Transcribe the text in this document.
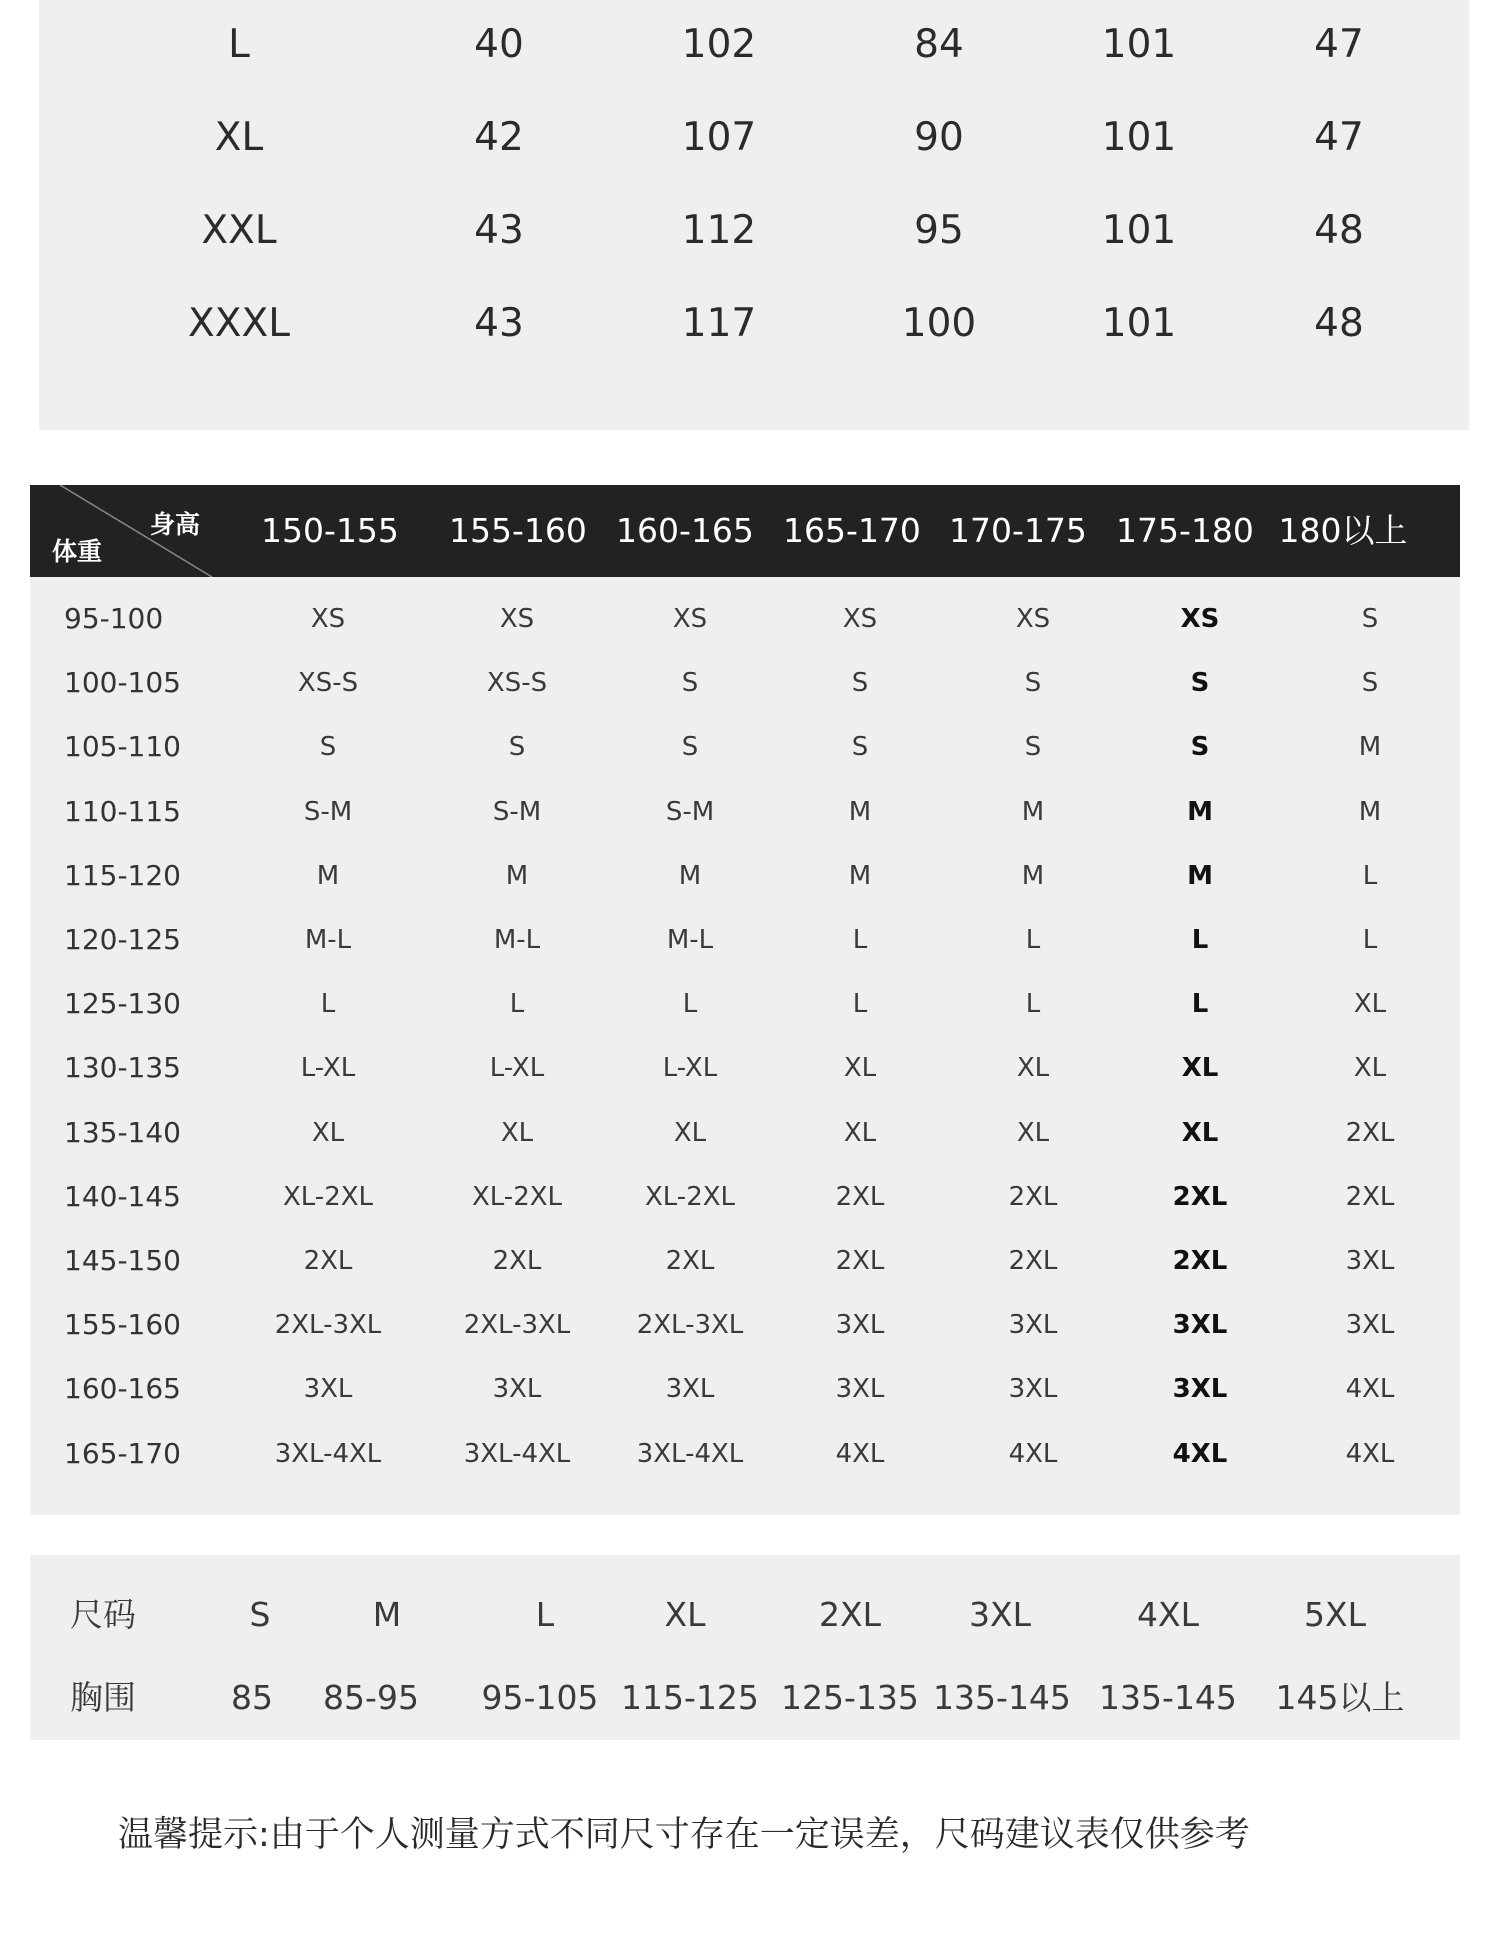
L	40	102	84	101	47
XL	42	107	90	101	47
XXL	43	112	95	101	48
XXXL	43	117	100	101	48
身高
体重
150-155	155-160 160-165 165-170 170-175 175-180 180以上
95-100	XS	XS	XS	XS	XS	XS	S
100-105	XS-S	XS-S	S	S	S	S	S
105-110	S	S	S	S	S	S	M
110-115	S-M	S-M	S-M	M	M	M	M
115-120	M	M	M	M	M	M	L
120-125	M-L	M-L	M-L	L	L	L	L
125-130	L	L	L	L	L	L	XL
130-135	L-XL	L-XL	L-XL	XL	XL	XL	XL
135-140	XL	XL	XL	XL	XL	XL	2XL
140-145	XL-2XL	XL-2XL	XL-2XL	2XL	2XL	2XL	2XL
145-150	2XL	2XL	2XL	2XL	2XL	2XL	3XL
155-160	2XL-3XL	2XL-3XL	2XL-3XL	3XL	3XL	3XL	3XL
160-165	3XL	3XL	3XL	3XL	3XL	3XL	4XL
165-170	3XL-4XL	3XL-4XL	3XL-4XL	4XL	4XL	4XL	4XL
尺码	S	M	L	XL	2XL	3XL	4XL	5XL
胸围	85	85-95	95-105 115-125 125-135 135-145 135-145	145以上
温馨提示:由于个人测量方式不同尺寸存在一定误差，尺码建议表仅供参考
